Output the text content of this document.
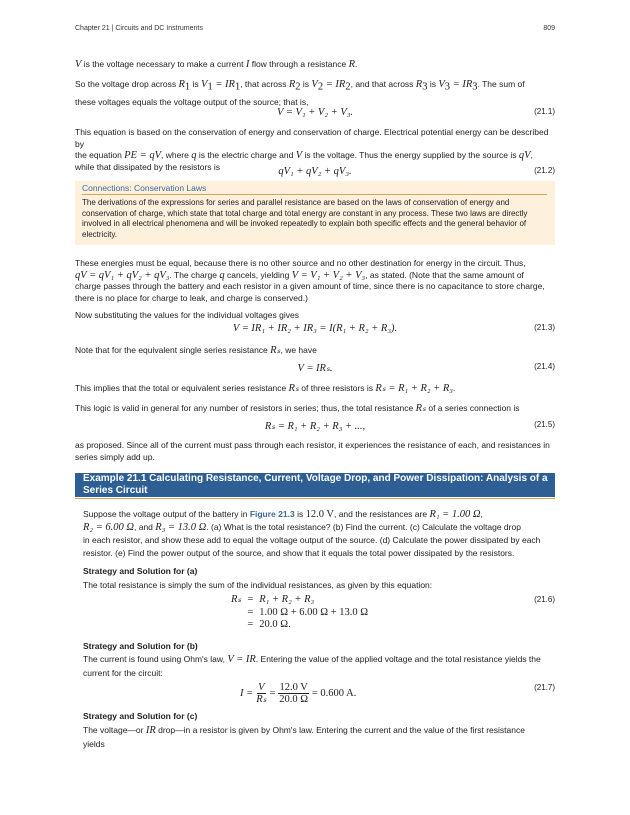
Chapter 21 | Circuits and DC Instruments	809
V is the voltage necessary to make a current I flow through a resistance R.
So the voltage drop across $R_1$ is $V_1 = IR_1$, that across $R_2$ is $V_2 = IR_2$, and that across $R_3$ is $V_3 = IR_3$. The sum of
these voltages equals the voltage output of the source; that is,
V = V₁ + V₂ + V₃.	(21.1)
This equation is based on the conservation of energy and conservation of charge. Electrical potential energy can be described by
the equation PE = qV, where q is the electric charge and V is the voltage. Thus the energy supplied by the source is qV,
while that dissipated by the resistors is	qV₁ + qV₂ + qV₃.	(21.2)
Connections: Conservation Laws
The derivations of the expressions for series and parallel resistance are based on the laws of conservation of energy and conservation of charge, which state that total charge and total energy are constant in any process. These two laws are directly involved in all electrical phenomena and will be invoked repeatedly to explain both specific effects and the general behavior of electricity.
These energies must be equal, because there is no other source and no other destination for energy in the circuit. Thus,
qV = qV₁ + qV₂ + qV₃. The charge q cancels, yielding V = V₁ + V₂ + V₃, as stated. (Note that the same amount of
charge passes through the battery and each resistor in a given amount of time, since there is no capacitance to store charge,
there is no place for charge to leak, and charge is conserved.)
Now substituting the values for the individual voltages gives
V = IR₁ + IR₂ + IR₃ = I(R₁ + R₂ + R₃).	(21.3)
Note that for the equivalent single series resistance Rₛ, we have
V = IRₛ.	(21.4)
This implies that the total or equivalent series resistance Rₛ of three resistors is Rₛ = R₁ + R₂ + R₃.
This logic is valid in general for any number of resistors in series; thus, the total resistance Rₛ of a series connection is
Rₛ = R₁ + R₂ + R₃ + ...,	(21.5)
as proposed. Since all of the current must pass through each resistor, it experiences the resistance of each, and resistances in series simply add up.
Example 21.1 Calculating Resistance, Current, Voltage Drop, and Power Dissipation: Analysis of a Series Circuit
Suppose the voltage output of the battery in Figure 21.3 is 12.0 V, and the resistances are R₁ = 1.00 Ω,
R₂ = 6.00 Ω, and R₃ = 13.0 Ω. (a) What is the total resistance? (b) Find the current. (c) Calculate the voltage drop
in each resistor, and show these add to equal the voltage output of the source. (d) Calculate the power dissipated by each resistor. (e) Find the power output of the source, and show that it equals the total power dissipated by the resistors.
Strategy and Solution for (a)
The total resistance is simply the sum of the individual resistances, as given by this equation:
Rₛ	=	R₁ + R₂ + R₃
	=	1.00 Ω + 6.00 Ω + 13.0 Ω
	=	20.0 Ω.
(21.6)
Strategy and Solution for (b)
The current is found using Ohm's law, V = IR. Entering the value of the applied voltage and the total resistance yields the
current for the circuit:
$I = \frac{V}{\text{Rₛ}} = \frac{12.0 V}{20.0 \Omega} = 0.600$ A.	(21.7)
Strategy and Solution for (c)
The voltage—or IR drop—in a resistor is given by Ohm's law. Entering the current and the value of the first resistance
yields
